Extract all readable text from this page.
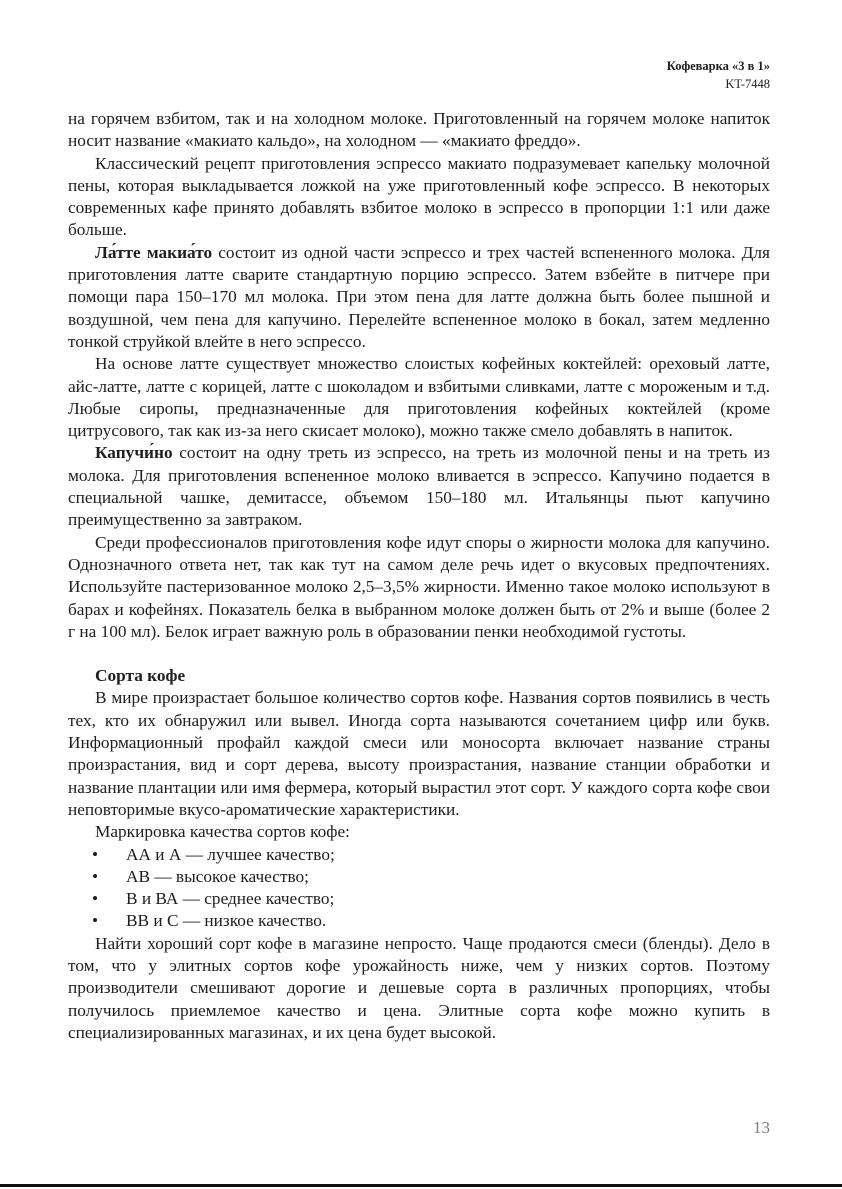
Кофеварка «3 в 1»
KT-7448

на горячем взбитом, так и на холодном молоке. Приготовленный на горячем молоке напиток носит название «макиато кальдо», на холодном — «макиато фреддо».

Классический рецепт приготовления эспрессо макиато подразумевает капельку молочной пены, которая выкладывается ложкой на уже приготовленный кофе эспрессо. В некоторых современных кафе принято добавлять взбитое молоко в эспрессо в пропорции 1:1 или даже больше.

Ла́тте макиа́то состоит из одной части эспрессо и трех частей вспененного молока. Для приготовления латте сварите стандартную порцию эспрессо. Затем взбейте в питчере при помощи пара 150–170 мл молока. При этом пена для латте должна быть более пышной и воздушной, чем пена для капучино. Перелейте вспененное молоко в бокал, затем медленно тонкой струйкой влейте в него эспрессо.

На основе латте существует множество слоистых кофейных коктейлей: ореховый латте, айс-латте, латте с корицей, латте с шоколадом и взбитыми сливками, латте с мороженым и т.д. Любые сиропы, предназначенные для приготовления кофейных коктейлей (кроме цитрусового, так как из-за него скисает молоко), можно также смело добавлять в напиток.

Капучи́но состоит на одну треть из эспрессо, на треть из молочной пены и на треть из молока. Для приготовления вспененное молоко вливается в эспрессо. Капучино подается в специальной чашке, демитассе, объемом 150–180 мл. Итальянцы пьют капучино преимущественно за завтраком.

Среди профессионалов приготовления кофе идут споры о жирности молока для капучино. Однозначного ответа нет, так как тут на самом деле речь идет о вкусовых предпочтениях. Используйте пастеризованное молоко 2,5–3,5% жирности. Именно такое молоко используют в барах и кофейнях. Показатель белка в выбранном молоке должен быть от 2% и выше (более 2 г на 100 мл). Белок играет важную роль в образовании пенки необходимой густоты.

Сорта кофе

В мире произрастает большое количество сортов кофе. Названия сортов появились в честь тех, кто их обнаружил или вывел. Иногда сорта называются сочетанием цифр или букв. Информационный профайл каждой смеси или моносорта включает название страны произрастания, вид и сорт дерева, высоту произрастания, название станции обработки и название плантации или имя фермера, который вырастил этот сорт. У каждого сорта кофе свои неповторимые вкусо-ароматические характеристики.

Маркировка качества сортов кофе:

•	АА и А — лучшее качество;
•	АВ — высокое качество;
•	В и ВА — среднее качество;
•	ВВ и С — низкое качество.

Найти хороший сорт кофе в магазине непросто. Чаще продаются смеси (бленды). Дело в том, что у элитных сортов кофе урожайность ниже, чем у низких сортов. Поэтому производители смешивают дорогие и дешевые сорта в различных пропорциях, чтобы получилось приемлемое качество и цена. Элитные сорта кофе можно купить в специализированных магазинах, и их цена будет высокой.

13
